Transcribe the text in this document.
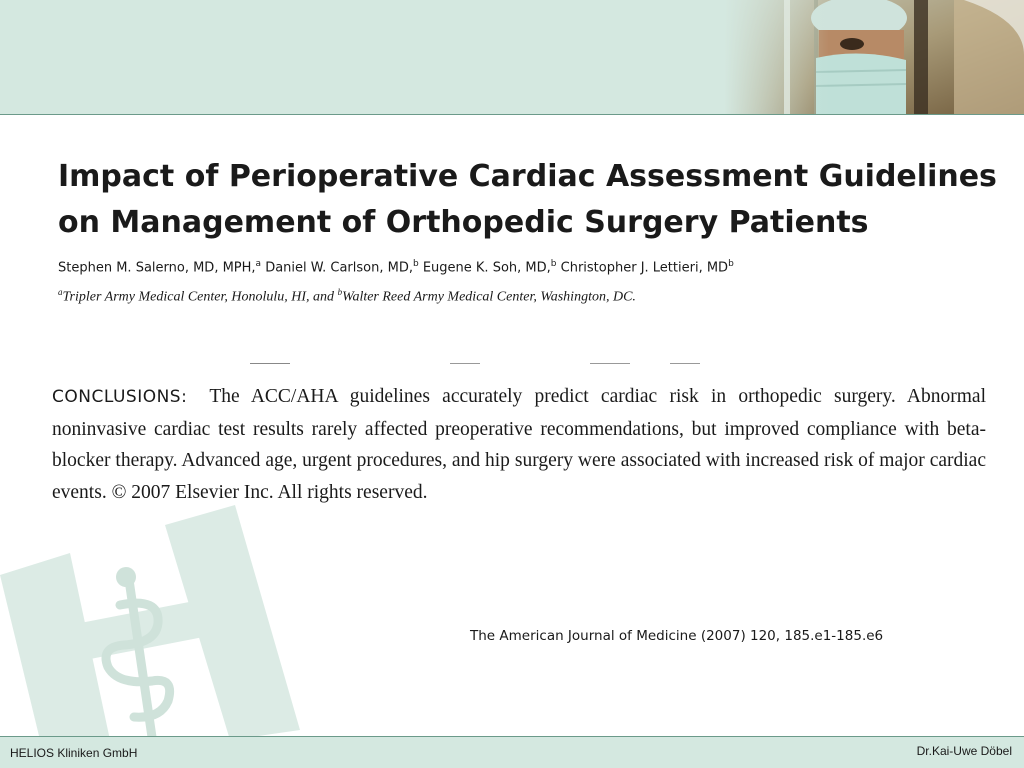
Impact of Perioperative Cardiac Assessment Guidelines
on Management of Orthopedic Surgery Patients
Stephen M. Salerno, MD, MPH,$^a$ Daniel W. Carlson, MD,$^b$ Eugene K. Soh, MD,$^b$ Christopher J. Lettieri, $MD^b$
$^a$Tripler Army Medical Center, Honolulu, HI, and $^b$Walter Reed Army Medical Center, Washington, DC.

CONCLUSIONS: The ACC/AHA guidelines accurately predict cardiac risk in orthopedic surgery. Abnormal noninvasive cardiac test results rarely affected preoperative recommendations, but improved compliance with beta-blocker therapy. Advanced age, urgent procedures, and hip surgery were associated with increased risk of major cardiac events. © 2007 Elsevier Inc. All rights reserved.

The American Journal of Medicine (2007) 120, 185.e1-185.e6
HELIOS Kliniken GmbH	Dr.Kai-Uwe Döbel
